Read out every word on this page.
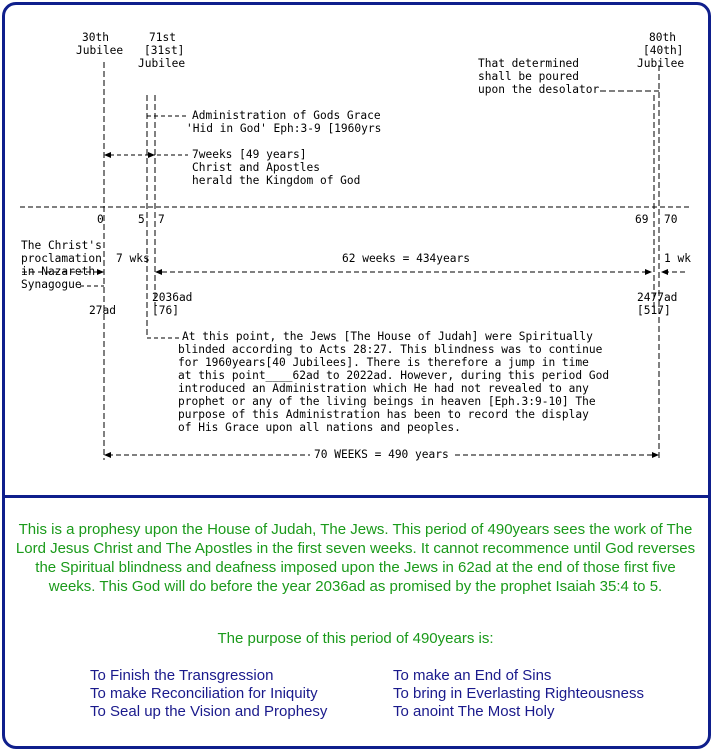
30th
Jubilee
71st
[31st]
Jubilee
80th
[40th]
Jubilee
That determined
shall be poured
upon the desolator
Administration of Gods Grace
'Hid in God' Eph:3-9 [1960yrs
7weeks [49 years]
Christ and Apostles
herald the Kingdom of God
0	5 7	69 70
The Christ's
proclamation
in Nazareth
Synagogue
7 wks	62 weeks = 434years	1 wk
2036ad
[76]
2477ad
[517]
27ad
At this point, the Jews [The House of Judah] were Spiritually
blinded according to Acts 28:27. This blindness was to continue
for 1960years[40 Jubilees]. There is therefore a jump in time
at this point____62ad to 2022ad. However, during this period God
introduced an Administration which He had not revealed to any
prophet or any of the living beings in heaven [Eph.3:9-10] The
purpose of this Administration has been to record the display
of His Grace upon all nations and peoples.
70 WEEKS = 490 years

This is a prophesy upon the House of Judah, The Jews. This period of 490years sees the work of The Lord Jesus Christ and The Apostles in the first seven weeks. It cannot recommence until God reverses the Spiritual blindness and deafness imposed upon the Jews in 62ad at the end of those first five weeks. This God will do before the year 2036ad as promised by the prophet Isaiah 35:4 to 5.

The purpose of this period of 490years is:
To Finish the Transgression	To make an End of Sins
To make Reconciliation for Iniquity	To bring in Everlasting Righteousness
To Seal up the Vision and Prophesy	To anoint The Most Holy
